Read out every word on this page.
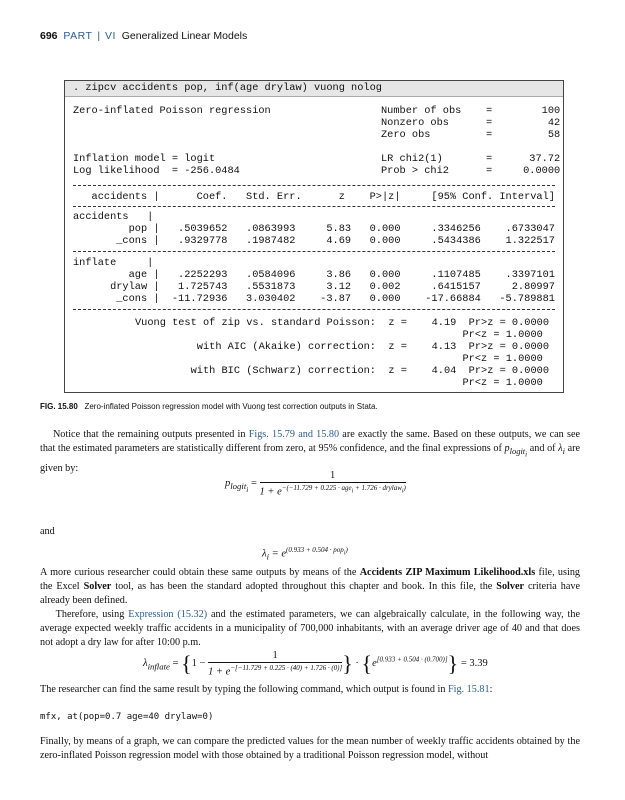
696 PART | VI Generalized Linear Models
. zipcv accidents pop, inf(age drylaw) vuong nolog
Zero-inflated Poisson regression	Number of obs    =        100
Nonzero obs      =         42
Zero obs         =         58
Inflation model = logit	LR chi2(1)       =      37.72
Log likelihood  = -256.0484	Prob > chi2      =     0.0000
accidents |      Coef.   Std. Err.      z    P>|z|     [95% Conf. Interval]
accidents   |
pop |   .5039652   .0863993     5.83   0.000     .3346256    .6733047
_cons |   .9329778   .1987482     4.69   0.000     .5434386    1.322517
inflate     |
age |   .2252293   .0584096     3.86   0.000     .1107485    .3397101
drylaw |   1.725743   .5531873     3.12   0.002     .6415157     2.80997
_cons |  -11.72936   3.030402    -3.87   0.000    -17.66884   -5.789881
Vuong test of zip vs. standard Poisson:  z =    4.19  Pr>z = 0.0000
Pr<z = 1.0000
with AIC (Akaike) correction:  z =    4.13  Pr>z = 0.0000
Pr<z = 1.0000
with BIC (Schwarz) correction:  z =    4.04  Pr>z = 0.0000
Pr<z = 1.0000
FIG. 15.80 Zero-inflated Poisson regression model with Vuong test correction outputs in Stata.
Notice that the remaining outputs presented in Figs. 15.79 and 15.80 are exactly the same. Based on these outputs, we can see that the estimated parameters are statistically different from zero, at 95% confidence, and the final expressions of $p_{logit_i}$ and of $\lambda_i$ are given by:
$p_{logit_i} = \frac{1}{1 + e^{-(-11.729 + 0.225 \cdot age_i + 1.726 \cdot drylaw_i)}}$
and
$\lambda_i = e^{(0.933 + 0.504 \cdot pop_i)}$
A more curious researcher could obtain these same outputs by means of the Accidents ZIP Maximum Likelihood.xls file, using the Excel Solver tool, as has been the standard adopted throughout this chapter and book. In this file, the Solver criteria have already been defined.
Therefore, using Expression (15.32) and the estimated parameters, we can algebraically calculate, in the following way, the average expected weekly traffic accidents in a municipality of 700,000 inhabitants, with an average driver age of 40 and that does not adopt a dry law for after 10:00 p.m.
$\lambda_{inflate} = \{1 - \frac{1}{1 + e^{-[-11.729 + 0.225 \cdot (40) + 1.726 \cdot (0)]}}$ } · {e[0.933 + 0.504 · (0.700)]} = 3.39
The researcher can find the same result by typing the following command, which output is found in Fig. 15.81:
mfx, at(pop=0.7 age=40 drylaw=0)
Finally, by means of a graph, we can compare the predicted values for the mean number of weekly traffic accidents obtained by the zero-inflated Poisson regression model with those obtained by a traditional Poisson regression model, without
